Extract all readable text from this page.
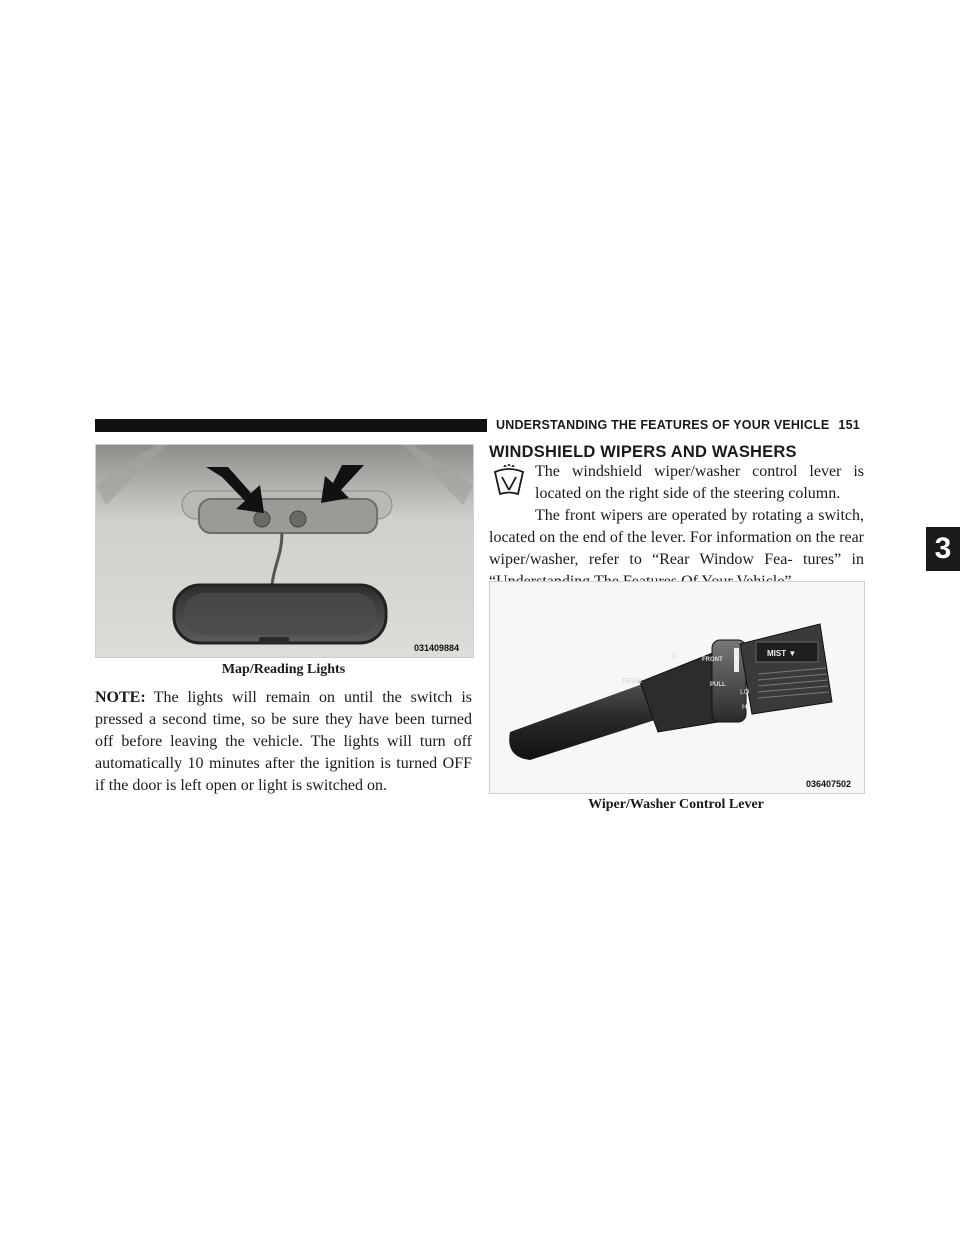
UNDERSTANDING THE FEATURES OF YOUR VEHICLE 151
3
031409884
Map/Reading Lights
NOTE: The lights will remain on until the switch is pressed a second time, so be sure they have been turned off before leaving the vehicle. The lights will turn off automatically 10 minutes after the ignition is turned OFF if the door is left open or light is switched on.
WINDSHIELD WIPERS AND WASHERS
The windshield wiper/washer control lever is located on the right side of the steering column.
The front wipers are operated by rotating a switch, located on the end of the lever. For information on the rear wiper/washer, refer to “Rear Window Fea- tures” in
REAR
O	FRONT
PULL
MIST ▼
LO
HI
036407502
Wiper/Washer Control Lever
